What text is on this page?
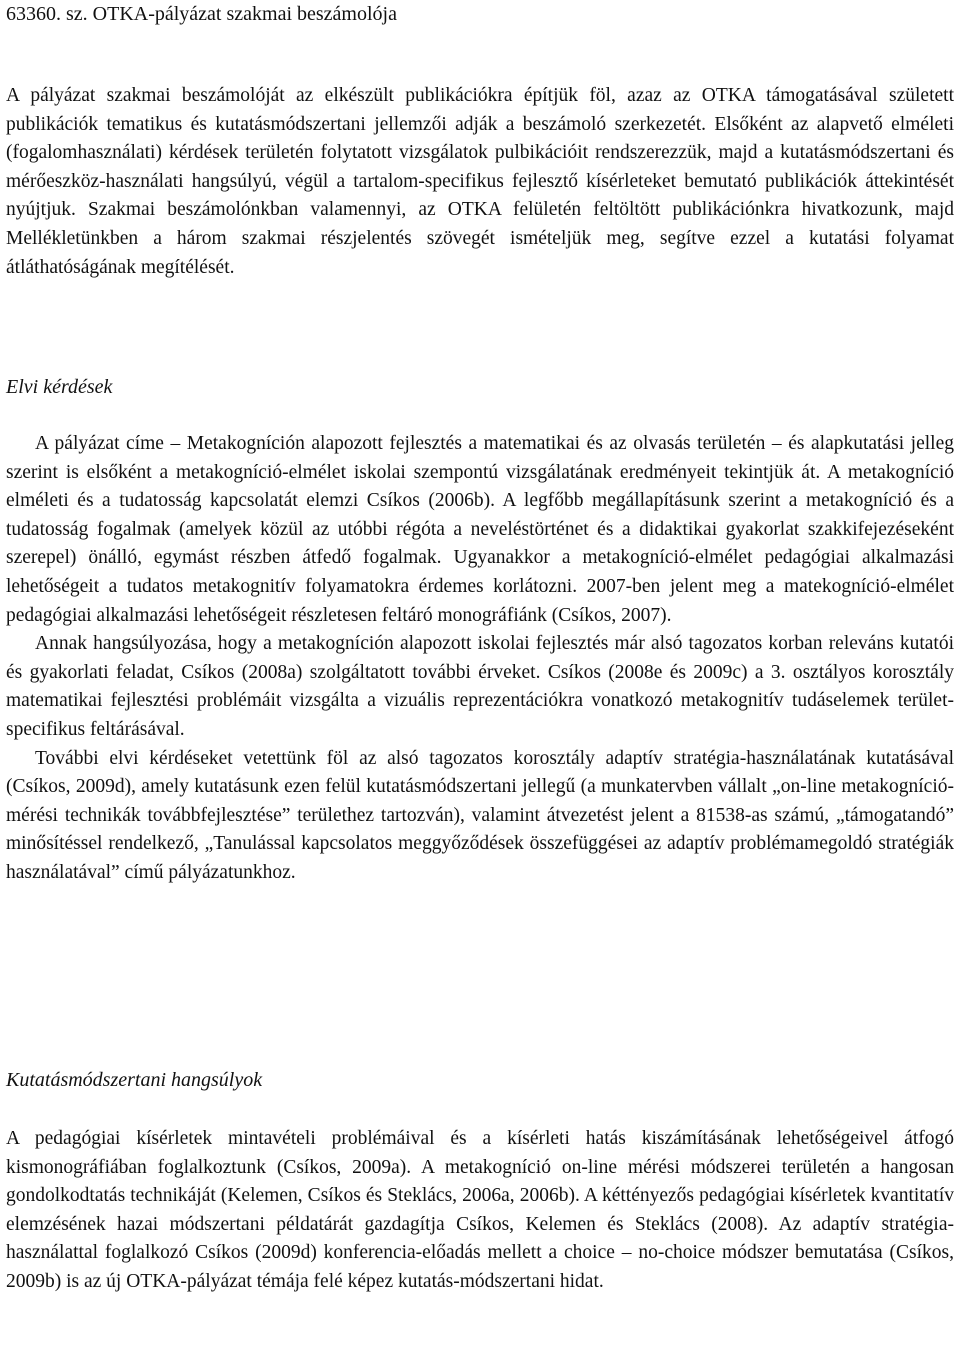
63360. sz. OTKA-pályázat szakmai beszámolója

A pályázat szakmai beszámolóját az elkészült publikációkra építjük föl, azaz az OTKA támogatásával született publikációk tematikus és kutatásmódszertani jellemzői adják a beszámoló szerkezetét. Elsőként az alapvető elméleti (fogalomhasználati) kérdések területén folytatott vizsgálatok pulbikációit rendszerezzük, majd a kutatásmódszertani és mérőeszköz-használati hangsúlyú, végül a tartalom-specifikus fejlesztő kísérleteket bemutató publikációk áttekintését nyújtjuk. Szakmai beszámolónkban valamennyi, az OTKA felületén feltöltött publikációnkra hivatkozunk, majd Mellékletünkben a három szakmai részjelentés szövegét ismételjük meg, segítve ezzel a kutatási folyamat átláthatóságának megítélését.

Elvi kérdések

A pályázat címe – Metakogníción alapozott fejlesztés a matematikai és az olvasás területén – és alapkutatási jelleg szerint is elsőként a metakogníció-elmélet iskolai szempontú vizsgálatának eredményeit tekintjük át. A metakogníció elméleti és a tudatosság kapcsolatát elemzi Csíkos (2006b). A legfőbb megállapításunk szerint a metakogníció és a tudatosság fogalmak (amelyek közül az utóbbi régóta a neveléstörténet és a didaktikai gyakorlat szakkifejezéseként szerepel) önálló, egymást részben átfedő fogalmak. Ugyanakkor a metakogníció-elmélet pedagógiai alkalmazási lehetőségeit a tudatos metakognitív folyamatokra érdemes korlátozni. 2007-ben jelent meg a matekogníció-elmélet pedagógiai alkalmazási lehetőségeit részletesen feltáró monográfiánk (Csíkos, 2007).

Annak hangsúlyozása, hogy a metakogníción alapozott iskolai fejlesztés már alsó tagozatos korban releváns kutatói és gyakorlati feladat, Csíkos (2008a) szolgáltatott további érveket. Csíkos (2008e és 2009c) a 3. osztályos korosztály matematikai fejlesztési problémáit vizsgálta a vizuális reprezentációkra vonatkozó metakognitív tudáselemek terület-specifikus feltárásával.

További elvi kérdéseket vetettünk föl az alsó tagozatos korosztály adaptív stratégia-használatának kutatásával (Csíkos, 2009d), amely kutatásunk ezen felül kutatásmódszertani jellegű (a munkatervben vállalt „on-line metakogníció-mérési technikák továbbfejlesztése” területhez tartozván), valamint átvezetést jelent a 81538-as számú, „támogatandó” minősítéssel rendelkező, „Tanulással kapcsolatos meggyőződések összefüggései az adaptív problémamegoldó stratégiák használatával” című pályázatunkhoz.

Kutatásmódszertani hangsúlyok

A pedagógiai kísérletek mintavételi problémáival és a kísérleti hatás kiszámításának lehetőségeivel átfogó kismonográfiában foglalkoztunk (Csíkos, 2009a). A metakogníció on-line mérési módszerei területén a hangosan gondolkodtatás technikáját (Kelemen, Csíkos és Steklács, 2006a, 2006b). A kéttényezős pedagógiai kísérletek kvantitatív elemzésének hazai módszertani példatárát gazdagítja Csíkos, Kelemen és Steklács (2008). Az adaptív stratégia-használattal foglalkozó Csíkos (2009d) konferencia-előadás mellett a choice – no-choice módszer bemutatása (Csíkos, 2009b) is az új OTKA-pályázat témája felé képez kutatás-módszertani hidat.
